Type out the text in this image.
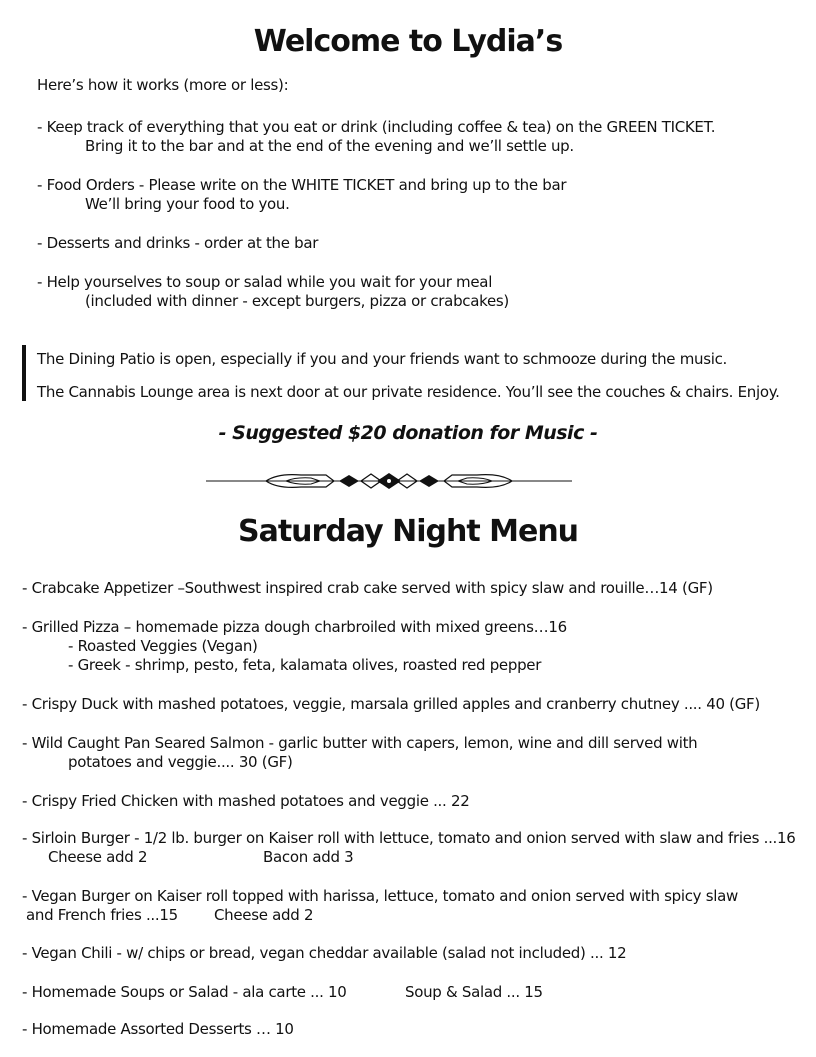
Welcome to Lydia’s
Here’s how it works (more or less):
- Keep track of everything that you eat or drink (including coffee & tea) on the GREEN TICKET.
Bring it to the bar and at the end of the evening and we’ll settle up.
- Food Orders - Please write on the WHITE TICKET and bring up to the bar
We’ll bring your food to you.
- Desserts and drinks - order at the bar
- Help yourselves to soup or salad while you wait for your meal
(included with dinner - except burgers, pizza or crabcakes)
The Dining Patio is open, especially if you and your friends want to schmooze during the music.
The Cannabis Lounge area is next door at our private residence. You’ll see the couches & chairs. Enjoy.
- Suggested $20 donation for Music -
Saturday Night Menu
- Crabcake Appetizer –Southwest inspired crab cake served with spicy slaw and rouille…14 (GF)
- Grilled Pizza – homemade pizza dough charbroiled with mixed greens…16
- Roasted Veggies (Vegan)
- Greek - shrimp, pesto, feta, kalamata olives, roasted red pepper
- Crispy Duck with mashed potatoes, veggie, marsala grilled apples and cranberry chutney .... 40 (GF)
- Wild Caught Pan Seared Salmon - garlic butter with capers, lemon, wine and dill served with
potatoes and veggie.... 30 (GF)
- Crispy Fried Chicken with mashed potatoes and veggie ... 22
- Sirloin Burger - 1/2 lb. burger on Kaiser roll with lettuce, tomato and onion served with slaw and fries ...16
Cheese add 2	Bacon add 3
- Vegan Burger on Kaiser roll topped with harissa, lettuce, tomato and onion served with spicy slaw
and French fries ...15 Cheese add 2
- Vegan Chili - w/ chips or bread, vegan cheddar available (salad not included) ... 12
- Homemade Soups or Salad - ala carte ... 10	Soup & Salad ... 15
- Homemade Assorted Desserts … 10
